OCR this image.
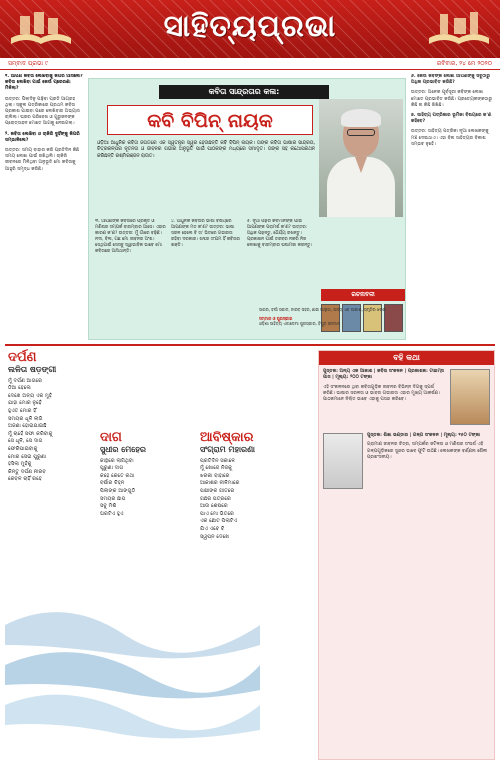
ସାହିତ୍ୟପ୍ରଭା
ସମ୍ବାଦ ପ୍ରଭା ୯	ରବିବାର, ୨୪ ମେ ୨୦୨୦

୧. ଆପଣ କବିତା ଲେଖିବାକୁ କିପରି ଆସିଲେ? କବିତା ଲେଖିବା ପାଇଁ କେଉଁ ପ୍ରେରଣା ମିଳିଲା?

ଉତ୍ତର: ପିଲାଦିନୁ ପଢ଼ିବା ପ୍ରତି ଆଗ୍ରହ ଥିଲା। ସ୍କୁଲ ପତ୍ରିକାରେ ପ୍ରଥମ କବିତା ପ୍ରକାଶ ପାଇବା ପରେ ଲେଖିବାର ଅଭ୍ୟାସ ଚାଲିଲା। ଘରର ପରିବେଶ ଓ ଗୁରୁଜନଙ୍କ ପ୍ରୋତ୍ସାହନ ମୋତେ ଆଗକୁ ନେଇଗଲା।

୨. କବିତା ଲେଖିବା ଓ ଚାକିରି ଦୁହିଁଙ୍କୁ କିପରି ସମ୍ଭାଳିଲେ?

ଉତ୍ତର: ସମୟ ବାହାର କରି ପ୍ରତିଦିନ କିଛି ସମୟ ଲେଖା ପାଇଁ ରଖିଥିଲି। ଚାକିରି ଜୀବନରେ ମିଳିଥିବା ଅନୁଭୂତି ମୋ କବିତାକୁ ଆହୁରି ସମୃଦ୍ଧ କରିଛି।

କବିତା ସାନ୍ଦ୍ରତାର କଳା:
କବି ବିପିନ୍ ନାୟକ
ଓଡ଼ିଆ ଆଧୁନିକ କବିତା ଜଗତରେ ଏକ ସ୍ୱତନ୍ତ୍ର ସ୍ୱର ହେଉଛନ୍ତି କବି ବିପିନ୍ ନାୟକ। ତାଙ୍କ କବିତା ଭାଷାର ସାନ୍ଦ୍ରତା, ଚିତ୍ରକଳ୍ପର ନୂତନତା ଓ ଜୀବନର ଗଭୀର ଅନୁଭୂତି ପାଇଁ ପାଠକଙ୍କ ମଧ୍ୟରେ ସମାଦୃତ। ତାଙ୍କ ସହ କଥୋପକଥନ କରିଛନ୍ତି ରଶ୍ମିରଞ୍ଜନ ରାଉତ।
୩. ଆପଣଙ୍କ କବିତାରେ ପ୍ରକୃତି ଓ ମଣିଷର ସମ୍ପର୍କ ବାରମ୍ବାର ଆସେ। ଏହାର କାରଣ କ'ଣ? ଉତ୍ତର: ମୁଁ ଗାଁରେ ବଢ଼ିଛି। ନଦୀ, ବିଲ, ଗଛ ମୋ ଜୀବନର ଅଂଶ। ସେଥିପାଇଁ ସେସବୁ ସ୍ୱାଭାବିକ ଭାବେ ମୋ କବିତାରେ ଆସିଥାନ୍ତି।
୪. ଆଧୁନିକ କବିତାର ଭାଷା ବିଷୟରେ ଆପଣଙ୍କ ମତ କ'ଣ? ଉତ୍ତର: ଭାଷା ସରଳ ହେଲେ ବି ତା' ଭିତରେ ଗଭୀରତା ରହିବା ଦରକାର। ଶବ୍ଦର ସଂଯମ ହିଁ କବିତାର ଶକ୍ତି।
୫. ନୂଆ ପିଢ଼ିର କବିମାନଙ୍କ ପାଇଁ ଆପଣଙ୍କ ପରାମର୍ଶ କ'ଣ? ଉତ୍ତର: ଅଧିକ ପଢ଼ନ୍ତୁ, ଧୈର୍ଯ୍ୟ ରଖନ୍ତୁ। ପ୍ରକାଶନ ପାଇଁ ତରବର ନକରି ନିଜ ଲେଖାକୁ ବାରମ୍ବାର ଘଷାମଜା କରନ୍ତୁ।
ରଚନାବଳୀ
ସାଗର, ବର୍ଷା ସକାଳ, ନୀରବ ସହର, ଛାଇ ଆଲୁଅ, ଅନ୍ୟ ଏକ ଆକାଶ, ସ୍ମୃତିର ଝରକା
ସମ୍ମାନ ଓ ପୁରସ୍କାର
ଓଡ଼ିଶା ସାହିତ୍ୟ ଏକାଡେମୀ ପୁରସ୍କାର, ବିଷୁବ ସମ୍ମାନ

୬. କେଉଁ କବିଙ୍କ ଲେଖା ଆପଣଙ୍କୁ ସବୁଠାରୁ ଅଧିକ ପ୍ରଭାବିତ କରିଛି?

ଉତ୍ତର: ଅନେକ ପୂର୍ବସୂରୀ କବିଙ୍କ ଲେଖା ମୋତେ ପ୍ରଭାବିତ କରିଛି। ପ୍ରତ୍ୟେକଙ୍କଠାରୁ କିଛି ନା କିଛି ଶିଖିଛି।

୭. ସାହିତ୍ୟ ପତ୍ରିକାର ଭୂମିକା ବିଷୟରେ କ'ଣ କହିବେ?

ଉତ୍ତର: ସାହିତ୍ୟ ପତ୍ରିକା ନୂଆ ଲେଖକଙ୍କୁ ମଞ୍ଚ ଦେଇଥାଏ। ଏହା ବିନା ସାହିତ୍ୟର ବିକାଶ ସମ୍ଭବ ନୁହେଁ।

ଦର୍ପଣ
ଲଳିତା ଷଡ଼ଙ୍ଗୀ
ମୁଁ ଦର୍ପଣ ଆଗରେ
ଠିଆ ହେଲେ
ଦେଖେ ଅନ୍ୟ ଏକ ମୁହଁ
ଯାହା ମୋର ନୁହେଁ
ହୁଏତ ମୋର ହିଁ
ସମୟର ଧୂଳି ଲାଗି
ଅଜଣା ହୋଇଯାଇଛି
ମୁଁ ଚାହେଁ ସଫା କରିବାକୁ
ସେ ଧୂଳି, ସେ ଦାଗ
ଫେରିପାଇବାକୁ
ମୋର ସେଇ ପୁରୁଣା
ହସିଲା ମୁହଁକୁ
କିନ୍ତୁ ଦର୍ପଣ ନୀରବ
କେବଳ ଚାହିଁ ରହେ
ଦାଗ
ସୁଧୀର ମେହେର
କାନ୍ଥରେ ଲାଗିଥିବା
ପୁରୁଣା ଦାଗ
କହେ କେତେ କଥା
ବର୍ଷାର ଚିହ୍ନ
ପିଲାଙ୍କ ଆଙ୍ଗୁଠି
ସମୟର ଛାପ
ସବୁ ମିଶି
ଘରଟିଏ ହୁଏ
ଆବିଷ୍କାର
ସଂଗ୍ରାମ ମହାରଣା
ପ୍ରତିଦିନ ସକାଳେ
ମୁଁ ଖୋଜେ ନିଜକୁ
ଝରକା ବାହାରେ
ଆକାଶର ନୀଳିମାରେ
ପକ୍ଷୀଙ୍କ ଗୀତରେ
ଗଛର ପତ୍ରରେ
ଆଉ ଶେଷରେ
ପାଏ ମୋ ଭିତରେ
ଏକ ଛୋଟ ପିଲାଟିଏ
ଯିଏ ଏବେ ବି
ସ୍ୱପ୍ନ ଦେଖେ
ବହି କଥା
ପୁସ୍ତକ: ଅନ୍ୟ ଏକ ଆକାଶ | କବିତା ସଂକଳନ | ପ୍ରକାଶକ: ଟାଇମ୍ସ ପାସ | ମୂଲ୍ୟ: ୨୦୦ ଟଙ୍କା

ଏହି ସଂକଳନରେ ଥିବା କବିତାଗୁଡ଼ିକ ଜୀବନର ବିଭିନ୍ନ ଦିଗକୁ ସ୍ପର୍ଶ କରିଛି। ଭାଷାର ସରଳତା ଓ ଭାବର ଗଭୀରତା ଏହାର ମୁଖ୍ୟ ଆକର୍ଷଣ। ପାଠକମାନେ ନିଶ୍ଚିତ ଭାବେ ଏହାକୁ ପସନ୍ଦ କରିବେ।

ପୁସ୍ତକ: ଶିଖା ଭଣ୍ଡାର | ଗଳ୍ପ ସଂକଳନ | ମୂଲ୍ୟ: ୧୫୦ ଟଙ୍କା

ଗ୍ରାମୀଣ ଜୀବନର ଚିତ୍ର, ସମ୍ପର୍କର ଜଟିଳତା ଓ ମଣିଷର ସଂଘର୍ଷ ଏହି ଗଳ୍ପଗୁଡ଼ିକରେ ସୁନ୍ଦର ଭାବେ ଫୁଟି ଉଠିଛି। ଲେଖକଙ୍କ ବର୍ଣ୍ଣନା ଶୈଳୀ ପ୍ରଶଂସନୀୟ।
